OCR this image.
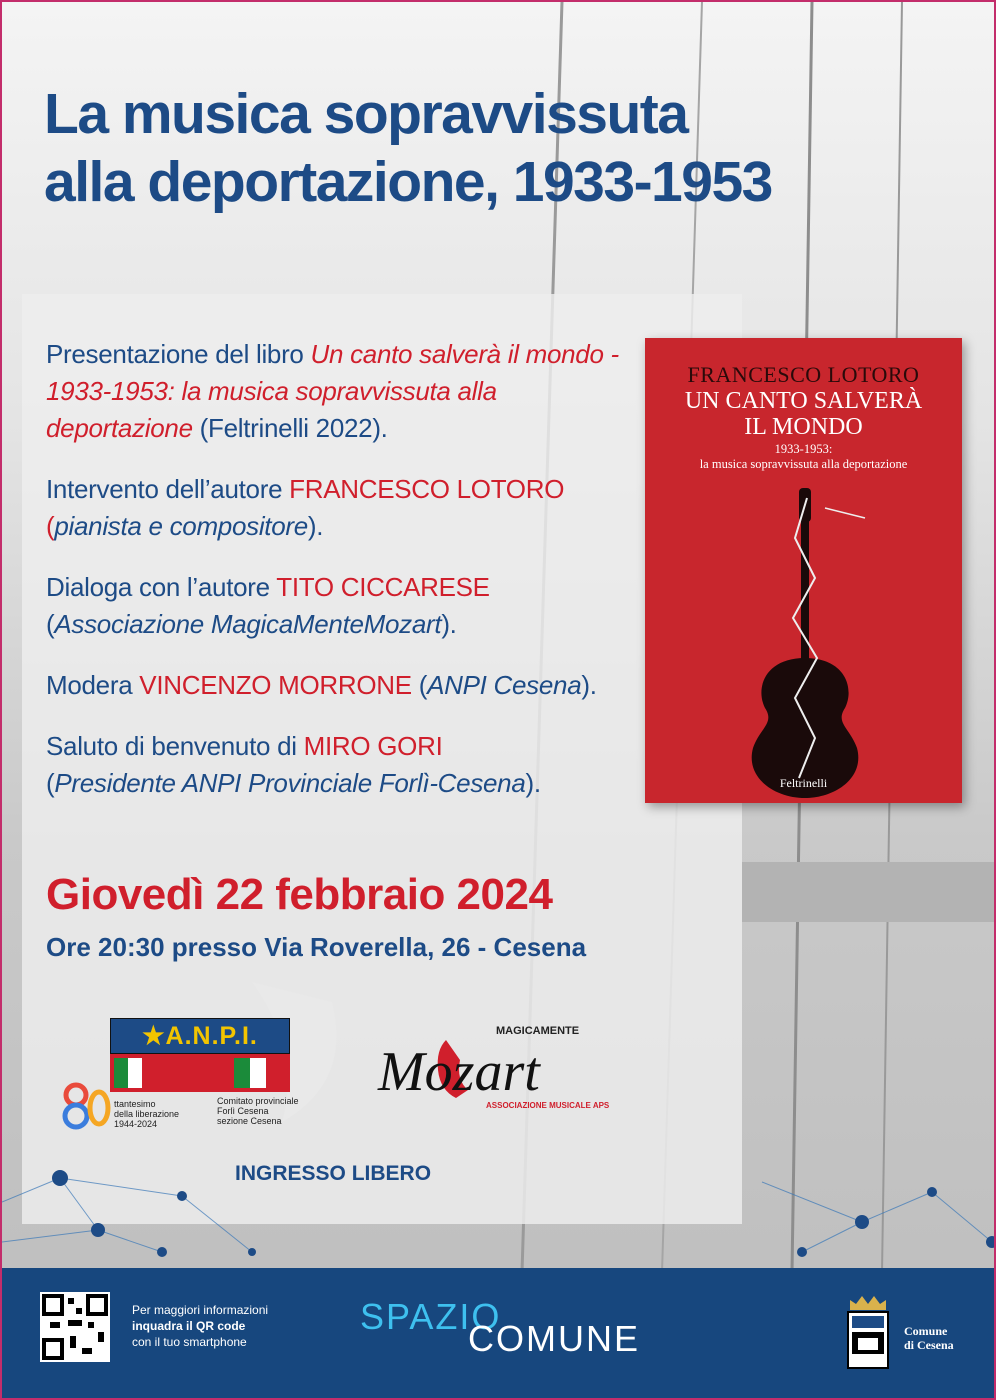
La musica sopravvissuta
alla deportazione, 1933-1953

Presentazione del libro Un canto salverà il mondo - 1933-1953: la musica sopravvissuta alla deportazione (Feltrinelli 2022).

Intervento dell’autore FRANCESCO LOTORO
(pianista e compositore).

Dialoga con l’autore TITO CICCARESE
(Associazione MagicaMenteMozart).

Modera VINCENZO MORRONE (ANPI Cesena).

Saluto di benvenuto di MIRO GORI
(Presidente ANPI Provinciale Forlì-Cesena).

Giovedì 22 febbraio 2024

Ore 20:30 presso Via Roverella, 26 - Cesena

FRANCESCO LOTORO
UN CANTO SALVERÀ
IL MONDO
1933-1953:
la musica sopravvissuta alla deportazione
Feltrinelli
★A.N.P.I.
80
ttantesimo
della liberazione
1944-2024
Comitato provinciale
Forlì Cesena
sezione Cesena
MAGICAMENTE
Mozart
ASSOCIAZIONE MUSICALE APS

INGRESSO LIBERO

Per maggiori informazioni
inquadra il QR code
con il tuo smartphone
SPAZIO
COMUNE	Comune
di Cesena
